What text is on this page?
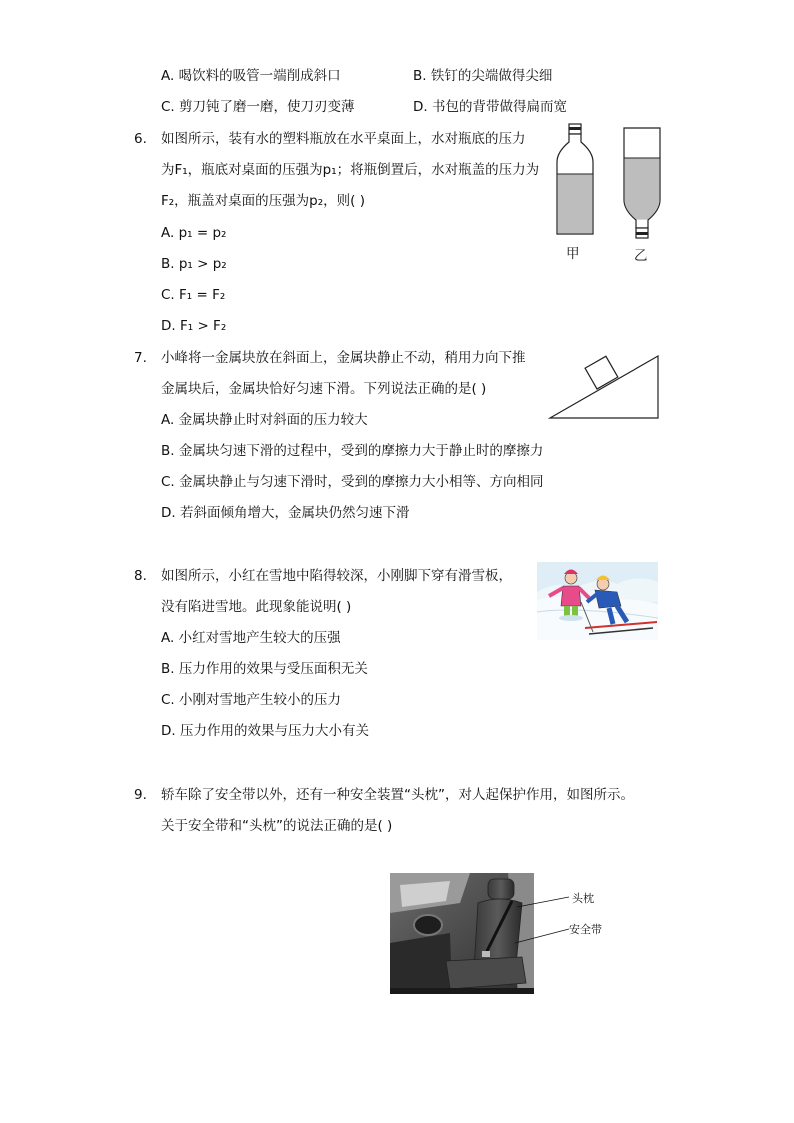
A. 喝饮料的吸管一端削成斜口	B. 铁钉的尖端做得尖细
C. 剪刀钝了磨一磨，使刀刃变薄	D. 书包的背带做得扁而宽
6. 如图所示，装有水的塑料瓶放在水平桌面上，水对瓶底的压力
为F₁，瓶底对桌面的压强为p₁；将瓶倒置后，水对瓶盖的压力为
F₂，瓶盖对桌面的压强为p₂，则( )
A. p₁ = p₂
B. p₁ > p₂
C. F₁ = F₂
D. F₁ > F₂
甲	乙
7. 小峰将一金属块放在斜面上，金属块静止不动，稍用力向下推
金属块后，金属块恰好匀速下滑。下列说法正确的是( )
A. 金属块静止时对斜面的压力较大
B. 金属块匀速下滑的过程中，受到的摩擦力大于静止时的摩擦力
C. 金属块静止与匀速下滑时，受到的摩擦力大小相等、方向相同
D. 若斜面倾角增大，金属块仍然匀速下滑
8. 如图所示，小红在雪地中陷得较深，小刚脚下穿有滑雪板，
没有陷进雪地。此现象能说明( )
A. 小红对雪地产生较大的压强
B. 压力作用的效果与受压面积无关
C. 小刚对雪地产生较小的压力
D. 压力作用的效果与压力大小有关
9. 轿车除了安全带以外，还有一种安全装置“头枕”，对人起保护作用，如图所示。
关于安全带和“头枕”的说法正确的是( )
头枕
安全带
